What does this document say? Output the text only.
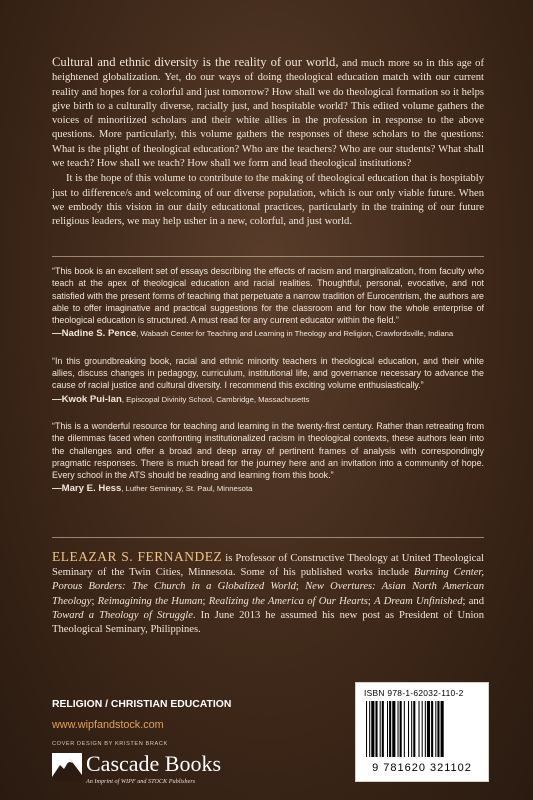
Cultural and ethnic diversity is the reality of our world, and much more so in this age of heightened globalization. Yet, do our ways of doing theological education match with our current reality and hopes for a colorful and just tomorrow? How shall we do theological formation so it helps give birth to a culturally diverse, racially just, and hospitable world? This edited volume gathers the voices of minoritized scholars and their white allies in the profession in response to the above questions. More particularly, this volume gathers the responses of these scholars to the questions: What is the plight of theological education? Who are the teachers? Who are our students? What shall we teach? How shall we teach? How shall we form and lead theological institutions?

It is the hope of this volume to contribute to the making of theological education that is hospitably just to difference/s and welcoming of our diverse population, which is our only viable future. When we embody this vision in our daily educational practices, particularly in the training of our future religious leaders, we may help usher in a new, colorful, and just world.

“This book is an excellent set of essays describing the effects of racism and marginalization, from faculty who teach at the apex of theological education and racial realities. Thoughtful, personal, evocative, and not satisfied with the present forms of teaching that perpetuate a narrow tradition of Eurocentrism, the authors are able to offer imaginative and practical suggestions for the classroom and for how the whole enterprise of theological education is structured. A must read for any current educator within the field.”
—Nadine S. Pence, Wabash Center for Teaching and Learning in Theology and Religion, Crawfordsville, Indiana
“In this groundbreaking book, racial and ethnic minority teachers in theological education, and their white allies, discuss changes in pedagogy, curriculum, institutional life, and governance necessary to advance the cause of racial justice and cultural diversity. I recommend this exciting volume enthusiastically.”
—Kwok Pui-lan, Episcopal Divinity School, Cambridge, Massachusetts
“This is a wonderful resource for teaching and learning in the twenty-first century. Rather than retreating from the dilemmas faced when confronting institutionalized racism in theological contexts, these authors lean into the challenges and offer a broad and deep array of pertinent frames of analysis with correspondingly pragmatic responses. There is much bread for the journey here and an invitation into a community of hope. Every school in the ATS should be reading and learning from this book.”
—Mary E. Hess, Luther Seminary, St. Paul, Minnesota
ELEAZAR S. FERNANDEZ is Professor of Constructive Theology at United Theological Seminary of the Twin Cities, Minnesota. Some of his published works include Burning Center, Porous Borders: The Church in a Globalized World; New Overtures: Asian North American Theology; Reimagining the Human; Realizing the America of Our Hearts; A Dream Unfinished; and Toward a Theology of Struggle. In June 2013 he assumed his new post as President of Union Theological Seminary, Philippines.
RELIGION / CHRISTIAN EDUCATION
www.wipfandstock.com
COVER DESIGN BY KRISTEN BRACK
Cascade Books
An Imprint of WIPF and STOCK Publishers
ISBN 978-1-62032-110-2
9 781620 321102
